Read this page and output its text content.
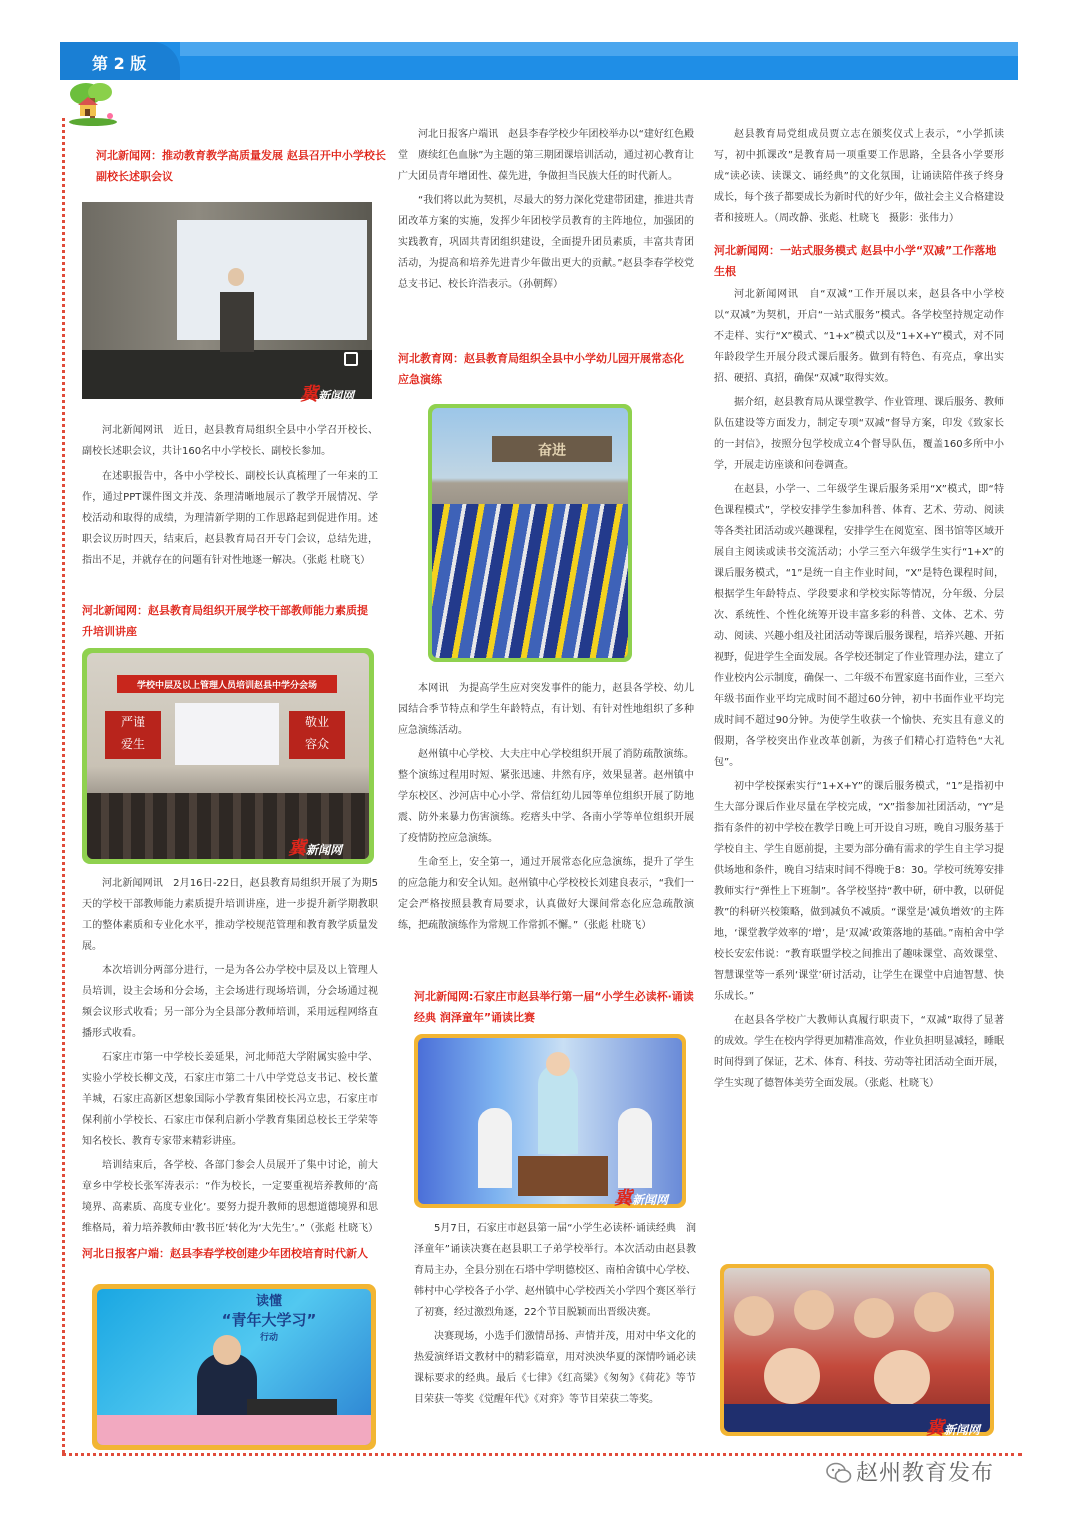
第 2 版
河北新闻网：推动教育教学高质量发展 赵县召开中小学校长副校长述职会议
冀新闻网

河北新闻网讯　近日，赵县教育局组织全县中小学召开校长、副校长述职会议，共计160名中小学校长、副校长参加。

在述职报告中，各中小学校长、副校长认真梳理了一年来的工作，通过PPT课件图文并茂、条理清晰地展示了教学开展情况、学校活动和取得的成绩，为理清新学期的工作思路起到促进作用。述职会议历时四天，结束后，赵县教育局召开专门会议，总结先进，指出不足，并就存在的问题有针对性地逐一解决。（张彪 杜晓飞）

河北新闻网：赵县教育局组织开展学校干部教师能力素质提升培训讲座
学校中层及以上管理人员培训赵县中学分会场
严谨
爱生
敬业
容众
冀新闻网

河北新闻网讯　2月16日-22日，赵县教育局组织开展了为期5天的学校干部教师能力素质提升培训讲座，进一步提升新学期教职工的整体素质和专业化水平，推动学校规范管理和教育教学质量发展。

本次培训分两部分进行，一是为各公办学校中层及以上管理人员培训，设主会场和分会场，主会场进行现场培训，分会场通过视频会议形式收看；另一部分为全县部分教师培训，采用远程网络直播形式收看。

石家庄市第一中学校长姜延果，河北师范大学附属实验中学、实验小学校长柳文茂，石家庄市第二十八中学党总支书记、校长董羊城，石家庄高新区想象国际小学教育集团校长冯立忠，石家庄市保利前小学校长、石家庄市保利启新小学教育集团总校长王学荣等知名校长、教育专家带来精彩讲座。

培训结束后，各学校、各部门参会人员展开了集中讨论，前大章乡中学校长张军涛表示：“作为校长，一定要重视培养教师的‘高境界、高素质、高度专业化’。要努力提升教师的思想道德境界和思维格局，着力培养教师由‘教书匠’转化为‘大先生’。”（张彪 杜晓飞）

河北日报客户端：赵县李春学校创建少年团校培育时代新人
读懂
“青年大学习”
行动

河北日报客户端讯　赵县李春学校少年团校举办以“建好红色殿堂　赓续红色血脉”为主题的第三期团课培训活动，通过初心教育让广大团员青年增团性、葆先进，争做担当民族大任的时代新人。

“我们将以此为契机，尽最大的努力深化党建带团建，推进共青团改革方案的实施，发挥少年团校学员教育的主阵地位，加强团的实践教育，巩固共青团组织建设，全面提升团员素质，丰富共青团活动，为提高和培养先进青少年做出更大的贡献。”赵县李春学校党总支书记、校长许浩表示。（孙朝辉）

河北教育网：赵县教育局组织全县中小学幼儿园开展常态化应急演练
奋进

本网讯　为提高学生应对突发事件的能力，赵县各学校、幼儿园结合季节特点和学生年龄特点，有计划、有针对性地组织了多种应急演练活动。

赵州镇中心学校、大夫庄中心学校组织开展了消防疏散演练。整个演练过程用时短、紧张迅速、井然有序，效果显著。赵州镇中学东校区、沙河店中心小学、常信红幼儿园等单位组织开展了防地震、防外来暴力伤害演练。疙瘩头中学、各南小学等单位组织开展了疫情防控应急演练。

生命至上，安全第一，通过开展常态化应急演练，提升了学生的应急能力和安全认知。赵州镇中心学校校长刘建良表示，“我们一定会严格按照县教育局要求，认真做好大课间常态化应急疏散演练，把疏散演练作为常规工作常抓不懈。”（张彪 杜晓飞）

河北新闻网:石家庄市赵县举行第一届“小学生必读杯·诵读经典 润泽童年”诵读比赛
冀新闻网

5月7日，石家庄市赵县第一届“小学生必读杯·诵读经典　润泽童年”诵读决赛在赵县职工子弟学校举行。本次活动由赵县教育局主办，全县分别在石塔中学明德校区、南柏舍镇中心学校、韩村中心学校各子小学、赵州镇中心学校西关小学四个赛区举行了初赛，经过激烈角逐，22个节目脱颖而出晋级决赛。

决赛现场，小选手们激情昂扬、声情并茂，用对中华文化的热爱演绎语文教材中的精彩篇章，用对泱泱华夏的深情吟诵必读课标要求的经典。最后《七律》《红高粱》《匆匆》《荷花》等节目荣获一等奖《觉醒年代》《对弈》等节目荣获二等奖。

赵县教育局党组成员贾立志在颁奖仪式上表示，“小学抓读写，初中抓课改”是教育局一项重要工作思路，全县各小学要形成“读必读、读课文、诵经典”的文化氛围，让诵读陪伴孩子终身成长，每个孩子都要成长为新时代的好少年，做社会主义合格建设者和接班人。（周改静、张彪、杜晓飞　摄影：张伟力）

河北新闻网：一站式服务模式 赵县中小学“双减”工作落地生根

河北新闻网讯　自“双减”工作开展以来，赵县各中小学校以“双减”为契机，开启“一站式服务”模式。各学校坚持规定动作不走样、实行“X”模式、“1+x”模式以及“1+X+Y”模式，对不同年龄段学生开展分段式课后服务。做到有特色、有亮点，拿出实招、硬招、真招，确保“双减”取得实效。

据介绍，赵县教育局从课堂教学、作业管理、课后服务、教师队伍建设等方面发力，制定专项“双减”督导方案，印发《致家长的一封信》，按照分包学校成立4个督导队伍，覆盖160多所中小学，开展走访座谈和问卷调查。

在赵县，小学一、二年级学生课后服务采用“X”模式，即“特色课程模式”，学校安排学生参加科普、体育、艺术、劳动、阅读等各类社团活动或兴趣课程，安排学生在阅览室、图书馆等区域开展自主阅读或读书交流活动；小学三至六年级学生实行“1+X”的课后服务模式，“1”是统一自主作业时间，“X”是特色课程时间，根据学生年龄特点、学段要求和学校实际等情况，分年级、分层次、系统性、个性化统筹开设丰富多彩的科普、文体、艺术、劳动、阅读、兴趣小组及社团活动等课后服务课程，培养兴趣、开拓视野，促进学生全面发展。各学校还制定了作业管理办法，建立了作业校内公示制度，确保一、二年级不布置家庭书面作业，三至六年级书面作业平均完成时间不超过60分钟，初中书面作业平均完成时间不超过90分钟。为使学生收获一个愉快、充实且有意义的假期，各学校突出作业改革创新，为孩子们精心打造特色“大礼包”。

初中学校探索实行“1+X+Y”的课后服务模式，“1”是指初中生大部分课后作业尽量在学校完成，“X”指参加社团活动，“Y”是指有条件的初中学校在教学日晚上可开设自习班，晚自习服务基于学校自主、学生自愿前提，主要为部分确有需求的学生自主学习提供场地和条件，晚自习结束时间不得晚于8：30。学校可统筹安排教师实行“弹性上下班制”。各学校坚持“教中研，研中教，以研促教”的科研兴校策略，做到减负不减质。“课堂是‘减负增效’的主阵地，‘课堂教学效率的‘增’，是‘双减’政策落地的基础。”南柏舍中学校长安宏伟说：“教育联盟学校之间推出了趣味课堂、高效课堂、智慧课堂等一系列‘课堂’研讨活动，让学生在课堂中启迪智慧、快乐成长。”

在赵县各学校广大教师认真履行职责下，“双减”取得了显著的成效。学生在校内学得更加精准高效，作业负担明显减轻，睡眠时间得到了保证，艺术、体育、科技、劳动等社团活动全面开展，学生实现了德智体美劳全面发展。（张彪、杜晓飞）

冀新闻网
赵州教育发布
